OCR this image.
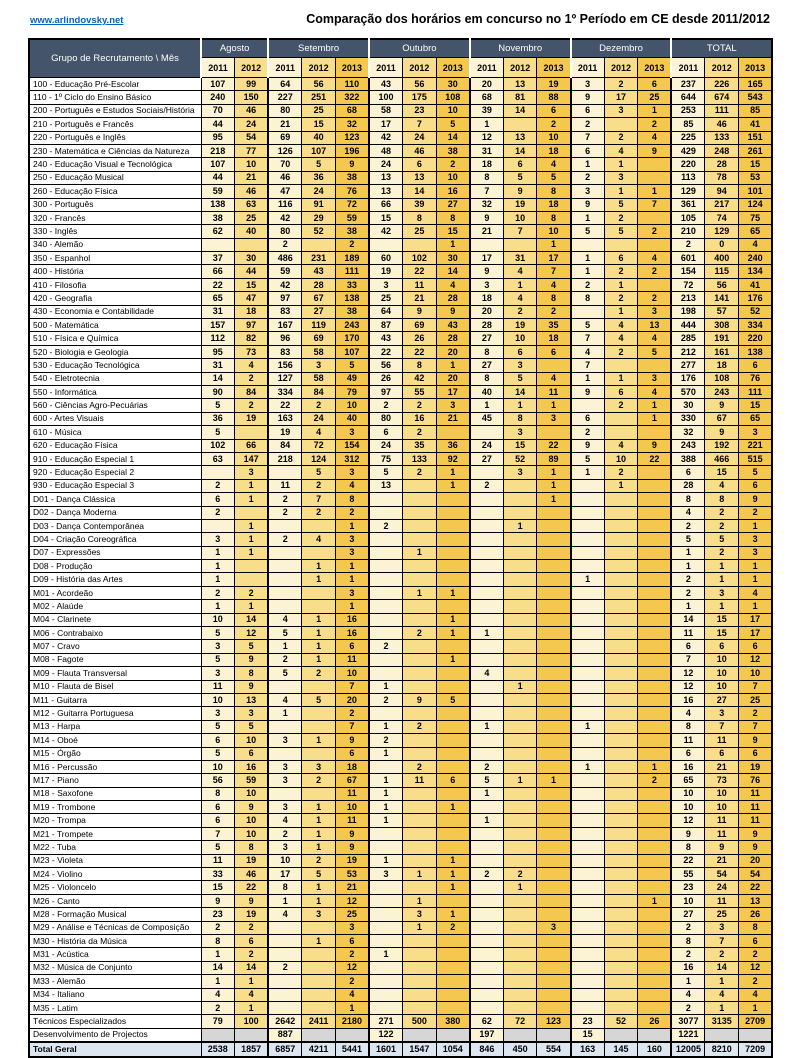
www.arlindovsky.net	Comparação dos horários em concurso no 1º Período em CE desde 2011/2012
Grupo de Recrutamento \ Mês	Agosto		Setembro			Outubro			Novembro			Dezembro			TOTAL		
	2011	2012	2011	2012	2013	2011	2012	2013	2011	2012	2013	2011	2012	2013	2011	2012	2013
100 - Educação Pré-Escolar	107	99	64	56	110	43	56	30	20	13	19	3	2	6	237	226	165
110 - 1º Ciclo do Ensino Básico	240	150	227	251	322	100	175	108	68	81	88	9	17	25	644	674	543
200 - Português e Estudos Sociais/História	70	46	80	25	68	58	23	10	39	14	6	6	3	1	253	111	85
210 - Português e Francês	44	24	21	15	32	17	7	5	1		2	2		2	85	46	41
220 - Português e Inglês	95	54	69	40	123	42	24	14	12	13	10	7	2	4	225	133	151
230 - Matemática e Ciências da Natureza	218	77	126	107	196	48	46	38	31	14	18	6	4	9	429	248	261
240 - Educação Visual e Tecnológica	107	10	70	5	9	24	6	2	18	6	4	1	1		220	28	15
250 - Educação Musical	44	21	46	36	38	13	13	10	8	5	5	2	3		113	78	53
260 - Educação Física	59	46	47	24	76	13	14	16	7	9	8	3	1	1	129	94	101
300 - Português	138	63	116	91	72	66	39	27	32	19	18	9	5	7	361	217	124
320 - Francês	38	25	42	29	59	15	8	8	9	10	8	1	2		105	74	75
330 - Inglês	62	40	80	52	38	42	25	15	21	7	10	5	5	2	210	129	65
340 - Alemão			2		2			1			1				2	0	4
350 - Espanhol	37	30	486	231	189	60	102	30	17	31	17	1	6	4	601	400	240
400 - História	66	44	59	43	111	19	22	14	9	4	7	1	2	2	154	115	134
410 - Filosofia	22	15	42	28	33	3	11	4	3	1	4	2	1		72	56	41
420 - Geografia	65	47	97	67	138	25	21	28	18	4	8	8	2	2	213	141	176
430 - Economia e Contabilidade	31	18	83	27	38	64	9	9	20	2	2		1	3	198	57	52
500 - Matemática	157	97	167	119	243	87	69	43	28	19	35	5	4	13	444	308	334
510 - Física e Química	112	82	96	69	170	43	26	28	27	10	18	7	4	4	285	191	220
520 - Biologia e Geologia	95	73	83	58	107	22	22	20	8	6	6	4	2	5	212	161	138
530 - Educação Tecnológica	31	4	156	3	5	56	8	1	27	3		7			277	18	6
540 - Eletrotecnia	14	2	127	58	49	26	42	20	8	5	4	1	1	3	176	108	76
550 - Informática	90	84	334	84	79	97	55	17	40	14	11	9	6	4	570	243	111
560 - Ciências Agro-Pecuárias	5	2	22	2	10	2	2	3	1	1	1		2	1	30	9	15
600 - Artes Visuais	36	19	163	24	40	80	16	21	45	8	3	6		1	330	67	65
610 - Música	5		19	4	3	6	2			3		2			32	9	3
620 - Educação Física	102	66	84	72	154	24	35	36	24	15	22	9	4	9	243	192	221
910 - Educação Especial 1	63	147	218	124	312	75	133	92	27	52	89	5	10	22	388	466	515
920 - Educação Especial 2		3		5	3	5	2	1		3	1	1	2		6	15	5
930 - Educação Especial 3	2	1	11	2	4	13		1	2		1		1		28	4	6
D01 - Dança Clássica	6	1	2	7	8						1				8	8	9
D02 - Dança Moderna	2		2	2	2										4	2	2
D03 - Dança Contemporânea		1			1	2				1					2	2	1
D04 - Criação Coreográfica	3	1	2	4	3										5	5	3
D07 - Expressões	1	1			3		1								1	2	3
D08 - Produção	1			1	1										1	1	1
D09 - História das Artes	1			1	1							1			2	1	1
M01 - Acordeão	2	2			3		1	1							2	3	4
M02 - Alaúde	1	1			1										1	1	1
M04 - Clarinete	10	14	4	1	16			1							14	15	17
M06 - Contrabaixo	5	12	5	1	16		2	1	1						11	15	17
M07 - Cravo	3	5	1	1	6	2									6	6	6
M08 - Fagote	5	9	2	1	11			1							7	10	12
M09 - Flauta Transversal	3	8	5	2	10				4						12	10	10
M10 - Flauta de Bisel	11	9			7	1				1					12	10	7
M11 - Guitarra	10	13	4	5	20	2	9	5							16	27	25
M12 - Guitarra Portuguesa	3	3	1		2										4	3	2
M13 - Harpa	5	5			7	1	2		1			1			8	7	7
M14 - Oboé	6	10	3	1	9	2									11	11	9
M15 - Órgão	5	6			6	1									6	6	6
M16 - Percussão	10	16	3	3	18		2		2			1		1	16	21	19
M17 - Piano	56	59	3	2	67	1	11	6	5	1	1			2	65	73	76
M18 - Saxofone	8	10			11	1			1						10	10	11
M19 - Trombone	6	9	3	1	10	1		1							10	10	11
M20 - Trompa	6	10	4	1	11	1			1						12	11	11
M21 - Trompete	7	10	2	1	9										9	11	9
M22 - Tuba	5	8	3	1	9										8	9	9
M23 - Violeta	11	19	10	2	19	1		1							22	21	20
M24 - Violino	33	46	17	5	53	3	1	1	2	2					55	54	54
M25 - Violoncelo	15	22	8	1	21			1		1					23	24	22
M26 - Canto	9	9	1	1	12		1							1	10	11	13
M28 - Formação Musical	23	19	4	3	25		3	1							27	25	26
M29 - Análise e Técnicas de Composição	2	2			3		1	2			3				2	3	8
M30 - História da Música	8	6		1	6										8	7	6
M31 - Acústica	1	2			2	1									2	2	2
M32 - Música de Conjunto	14	14	2		12										16	14	12
M33 - Alemão	1	1			2										1	1	2
M34 - Italiano	4	4			4										4	4	4
M35 - Latim	2	1			1										2	1	1
Técnicos Especializados	79	100	2642	2411	2180	271	500	380	62	72	123	23	52	26	3077	3135	2709
Desenvolvimento de Projectos			887			122			197			15			1221		
Total Geral	2538	1857	6857	4211	5441	1601	1547	1054	846	450	554	163	145	160	12005	8210	7209
